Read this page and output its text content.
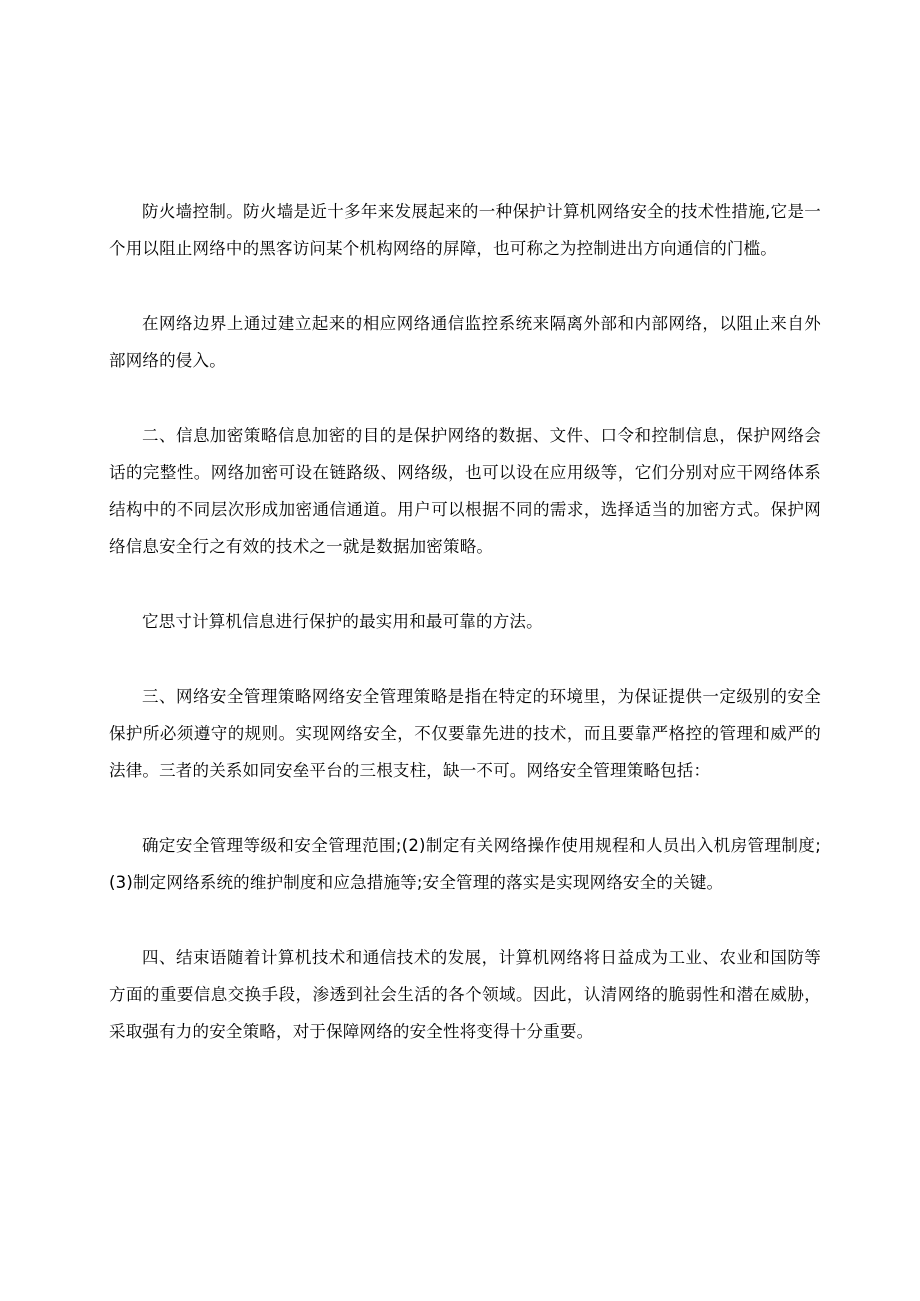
防火墙控制。防火墙是近十多年来发展起来的一种保护计算机网络安全的技术性措施,它是一个用以阻止网络中的黑客访问某个机构网络的屏障，也可称之为控制进出方向通信的门槛。

在网络边界上通过建立起来的相应网络通信监控系统来隔离外部和内部网络，以阻止来自外部网络的侵入。

二、信息加密策略信息加密的目的是保护网络的数据、文件、口令和控制信息，保护网络会话的完整性。网络加密可设在链路级、网络级，也可以设在应用级等，它们分别对应干网络体系结构中的不同层次形成加密通信通道。用户可以根据不同的需求，选择适当的加密方式。保护网络信息安全行之有效的技术之一就是数据加密策略。

它思寸计算机信息进行保护的最实用和最可靠的方法。

三、网络安全管理策略网络安全管理策略是指在特定的环境里，为保证提供一定级别的安全保护所必须遵守的规则。实现网络安全，不仅要靠先进的技术，而且要靠严格控的管理和威严的法律。三者的关系如同安垒平台的三根支柱，缺一不可。网络安全管理策略包括：

确定安全管理等级和安全管理范围;(2)制定有关网络操作使用规程和人员出入机房管理制度;(3)制定网络系统的维护制度和应急措施等;安全管理的落实是实现网络安全的关键。

四、结束语随着计算机技术和通信技术的发展，计算机网络将日益成为工业、农业和国防等方面的重要信息交换手段，渗透到社会生活的各个领域。因此，认清网络的脆弱性和潜在威胁，采取强有力的安全策略，对于保障网络的安全性将变得十分重要。
